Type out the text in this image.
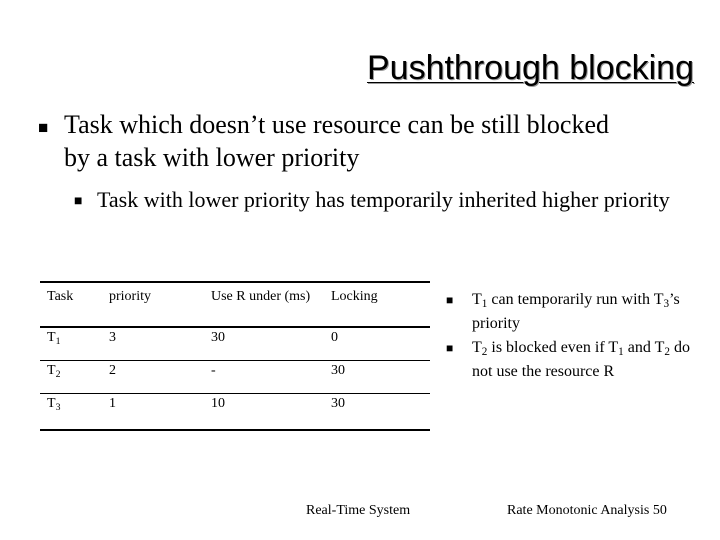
Pushthrough blocking
■ Task which doesn’t use resource can be still blocked by a task with lower priority
■ Task with lower priority has temporarily inherited higher priority
Task	priority	Use R under (ms)	Locking
$T_1$	3	30	0
$T_2$	2	-	30
$T_3$	1	10	30
■ $T_1$ can temporarily run with $T_3’s$ priority
■ $T_2$ is blocked even if $T_1$ and $T_2$ do not use the resource R
Real-Time System	Rate Monotonic Analysis 50
